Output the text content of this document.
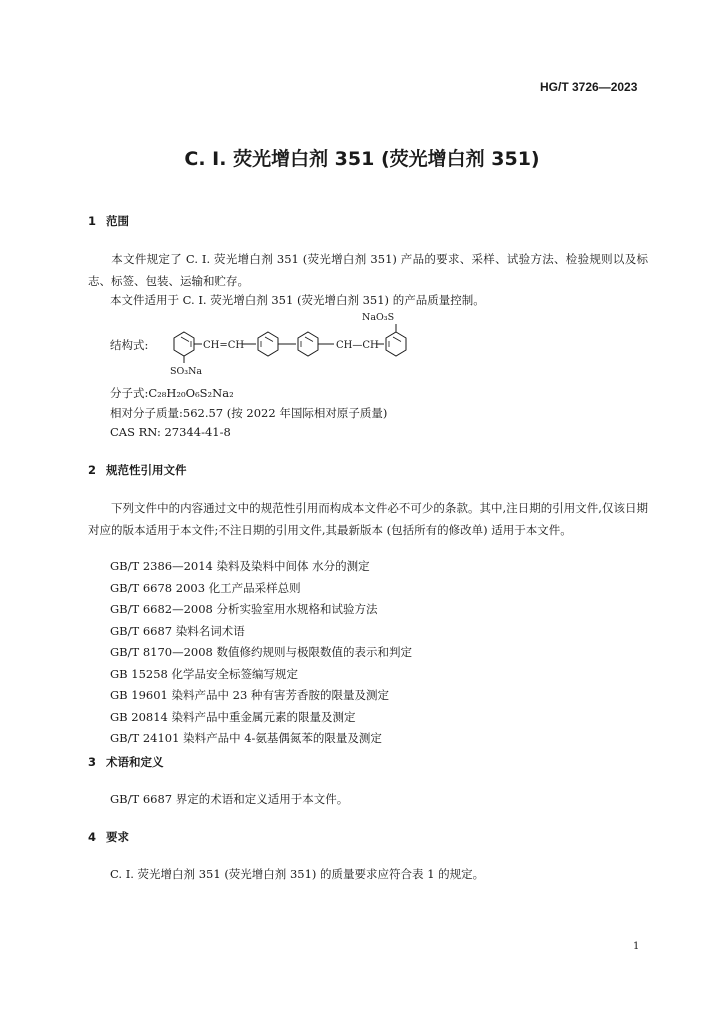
HG/T 3726—2023
C. I. 荧光增白剂 351 (荧光增白剂 351)
1 范围
本文件规定了 C. I. 荧光增白剂 351 (荧光增白剂 351) 产品的要求、采样、试验方法、检验规则以及标志、标签、包装、运输和贮存。
本文件适用于 C. I. 荧光增白剂 351 (荧光增白剂 351) 的产品质量控制。
结构式:
SO₃Na
CH=CH	CH—CH
NaO₃S
分子式:C₂₈H₂₀O₆S₂Na₂
相对分子质量:562.57 (按 2022 年国际相对原子质量)
CAS RN: 27344-41-8
2 规范性引用文件
下列文件中的内容通过文中的规范性引用而构成本文件必不可少的条款。其中,注日期的引用文件,仅该日期对应的版本适用于本文件;不注日期的引用文件,其最新版本 (包括所有的修改单) 适用于本文件。
GB/T 2386—2014 染料及染料中间体 水分的测定
GB/T 6678 2003 化工产品采样总则
GB/T 6682—2008 分析实验室用水规格和试验方法
GB/T 6687 染料名词术语
GB/T 8170—2008 数值修约规则与极限数值的表示和判定
GB 15258 化学品安全标签编写规定
GB 19601 染料产品中 23 种有害芳香胺的限量及测定
GB 20814 染料产品中重金属元素的限量及测定
GB/T 24101 染料产品中 4-氨基偶氮苯的限量及测定
3 术语和定义
GB/T 6687 界定的术语和定义适用于本文件。
4 要求
C. I. 荧光增白剂 351 (荧光增白剂 351) 的质量要求应符合表 1 的规定。
1
